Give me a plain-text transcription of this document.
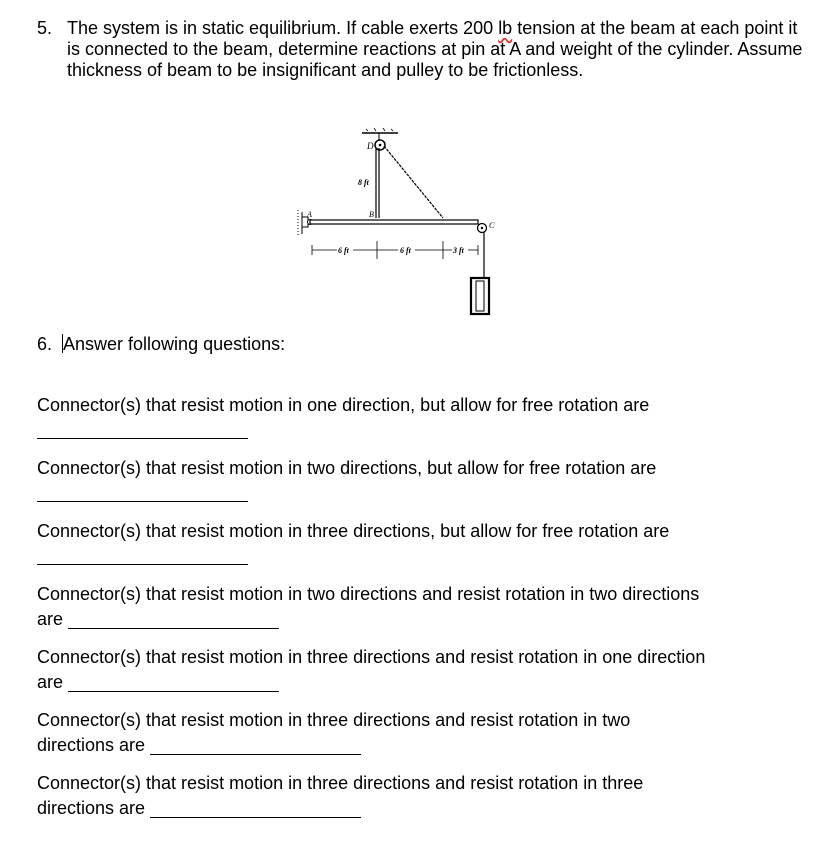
5. The system is in static equilibrium. If cable exerts 200 lb tension at the beam at each point it is connected to the beam, determine reactions at pin at A and weight of the cylinder. Assume thickness of beam to be insignificant and pulley to be frictionless.
D
8 ft
B
A
C
6 ft	6 ft	3 ft
6. Answer following questions:
Connector(s) that resist motion in one direction, but allow for free rotation are
Connector(s) that resist motion in two directions, but allow for free rotation are
Connector(s) that resist motion in three directions, but allow for free rotation are
Connector(s) that resist motion in two directions and resist rotation in two directions
are
Connector(s) that resist motion in three directions and resist rotation in one direction
are
Connector(s) that resist motion in three directions and resist rotation in two
directions are
Connector(s) that resist motion in three directions and resist rotation in three
directions are
